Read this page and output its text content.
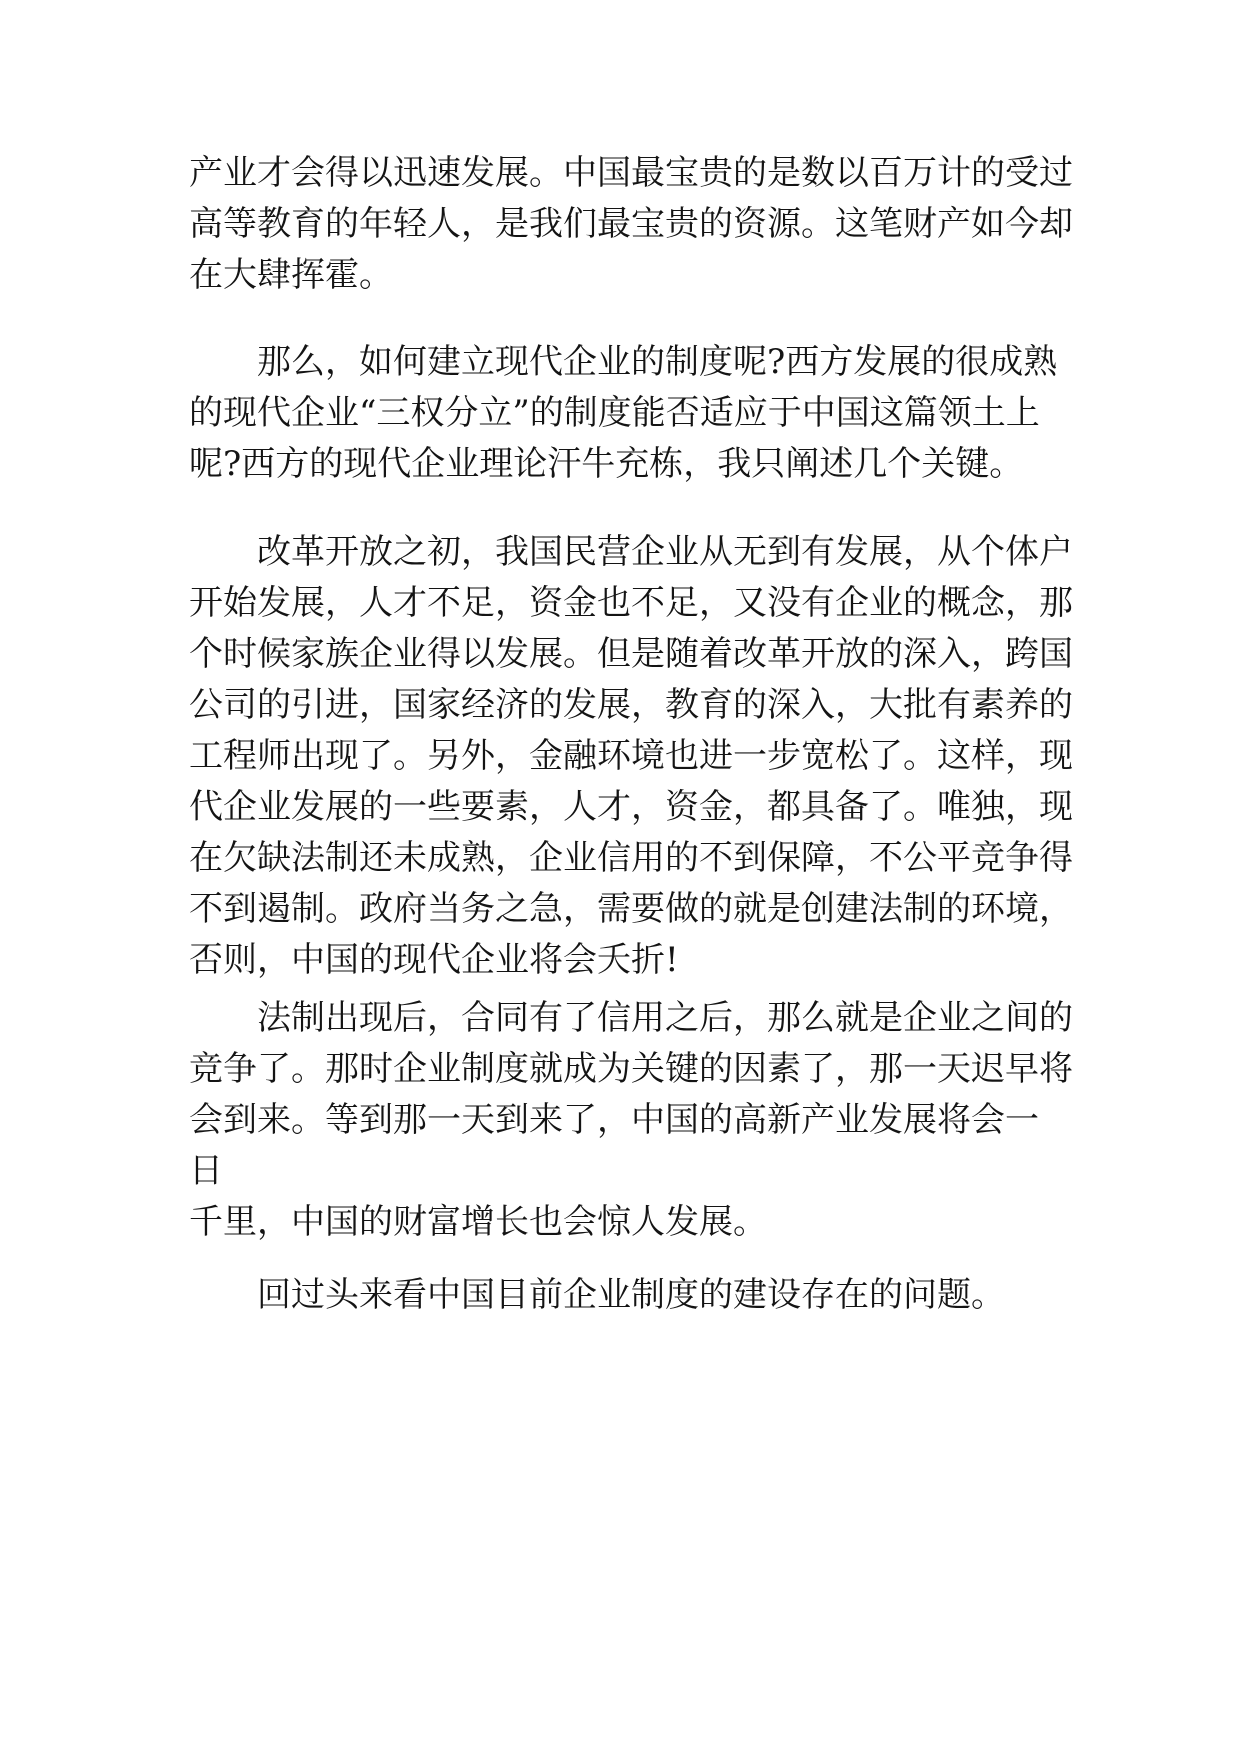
产业才会得以迅速发展。中国最宝贵的是数以百万计的受过
高等教育的年轻人，是我们最宝贵的资源。这笔财产如今却
在大肆挥霍。
那么，如何建立现代企业的制度呢?西方发展的很成熟
的现代企业“三权分立”的制度能否适应于中国这篇领土上
呢?西方的现代企业理论汗牛充栋，我只阐述几个关键。
改革开放之初，我国民营企业从无到有发展，从个体户
开始发展，人才不足，资金也不足，又没有企业的概念，那
个时候家族企业得以发展。但是随着改革开放的深入，跨国
公司的引进，国家经济的发展，教育的深入，大批有素养的
工程师出现了。另外，金融环境也进一步宽松了。这样，现
代企业发展的一些要素，人才，资金，都具备了。唯独，现
在欠缺法制还未成熟，企业信用的不到保障，不公平竞争得
不到遏制。政府当务之急，需要做的就是创建法制的环境，
否则，中国的现代企业将会夭折!
法制出现后，合同有了信用之后，那么就是企业之间的
竞争了。那时企业制度就成为关键的因素了，那一天迟早将
会到来。等到那一天到来了，中国的高新产业发展将会一
日
千里，中国的财富增长也会惊人发展。
回过头来看中国目前企业制度的建设存在的问题。
